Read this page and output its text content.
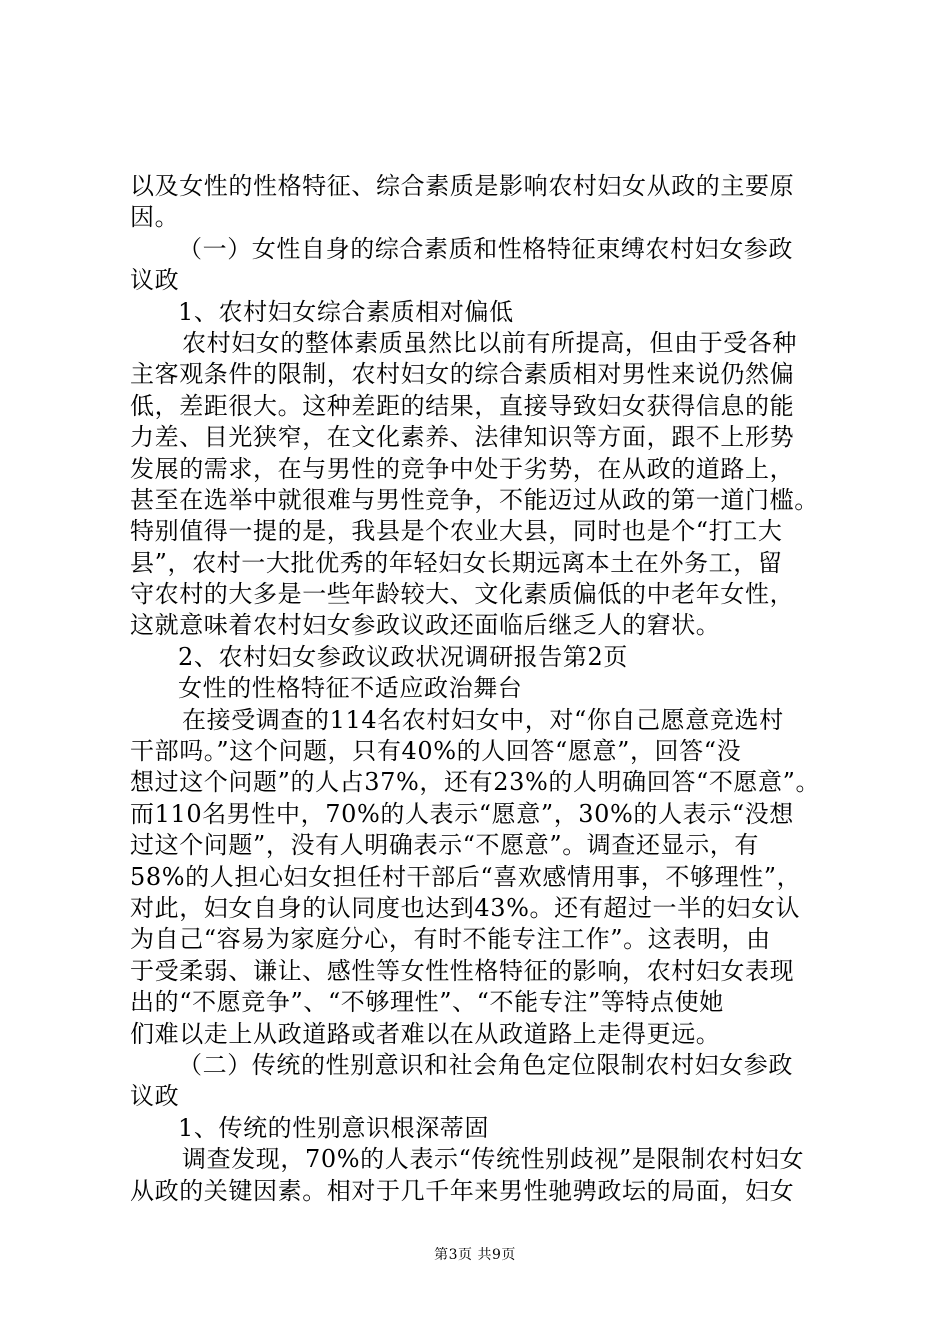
以及女性的性格特征、综合素质是影响农村妇女从政的主要原
因。
（一）女性自身的综合素质和性格特征束缚农村妇女参政
议政
1、农村妇女综合素质相对偏低
农村妇女的整体素质虽然比以前有所提高，但由于受各种
主客观条件的限制，农村妇女的综合素质相对男性来说仍然偏
低，差距很大。这种差距的结果，直接导致妇女获得信息的能
力差、目光狭窄，在文化素养、法律知识等方面，跟不上形势
发展的需求，在与男性的竞争中处于劣势，在从政的道路上，
甚至在选举中就很难与男性竞争，不能迈过从政的第一道门槛。
特别值得一提的是，我县是个农业大县，同时也是个“打工大
县”，农村一大批优秀的年轻妇女长期远离本土在外务工，留
守农村的大多是一些年龄较大、文化素质偏低的中老年女性，
这就意味着农村妇女参政议政还面临后继乏人的窘状。
2、农村妇女参政议政状况调研报告第2页
女性的性格特征不适应政治舞台
在接受调查的114名农村妇女中，对“你自己愿意竞选村
干部吗。”这个问题，只有40%的人回答“愿意”，回答“没
想过这个问题”的人占37%，还有23%的人明确回答“不愿意”。
而110名男性中，70%的人表示“愿意”，30%的人表示“没想
过这个问题”，没有人明确表示“不愿意”。调查还显示，有
58%的人担心妇女担任村干部后“喜欢感情用事，不够理性”，
对此，妇女自身的认同度也达到43%。还有超过一半的妇女认
为自己“容易为家庭分心，有时不能专注工作”。这表明，由
于受柔弱、谦让、感性等女性性格特征的影响，农村妇女表现
出的“不愿竞争”、“不够理性”、“不能专注”等特点使她
们难以走上从政道路或者难以在从政道路上走得更远。
（二）传统的性别意识和社会角色定位限制农村妇女参政
议政
1、传统的性别意识根深蒂固
调查发现，70%的人表示“传统性别歧视”是限制农村妇女
从政的关键因素。相对于几千年来男性驰骋政坛的局面，妇女
第3页 共9页
